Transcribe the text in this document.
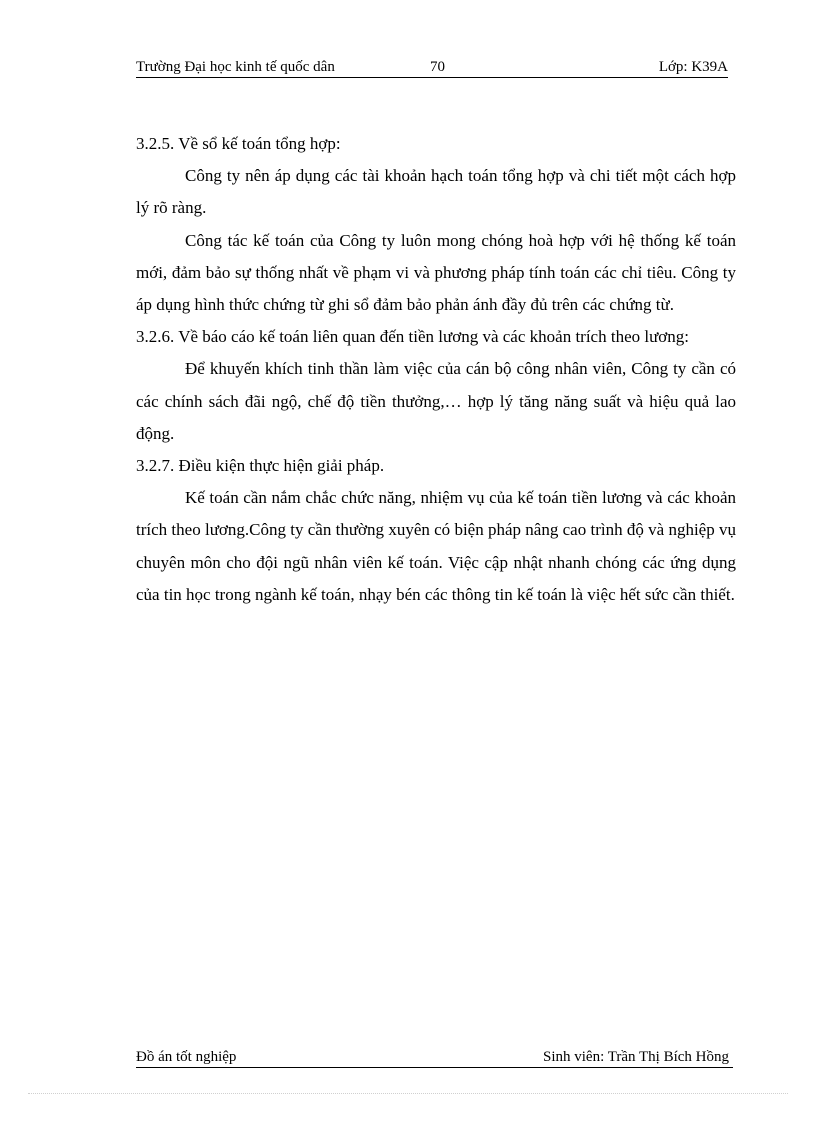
Trường Đại học kinh tế quốc dân	70	Lớp: K39A

3.2.5. Về sổ kế toán tổng hợp:

Công ty nên áp dụng các tài khoản hạch toán tổng hợp và chi tiết một cách hợp lý rõ ràng.

Công tác kế toán của Công ty luôn mong chóng hoà hợp với hệ thống kế toán mới, đảm bảo sự thống nhất về phạm vi và phương pháp tính toán các chỉ tiêu. Công ty áp dụng hình thức chứng từ ghi sổ đảm bảo phản ánh đầy đủ trên các chứng từ.

3.2.6. Về báo cáo kế toán liên quan đến tiền lương và các khoản trích theo lương:

Để khuyến khích tinh thần làm việc của cán bộ công nhân viên, Công ty cần có các chính sách đãi ngộ, chế độ tiền thưởng,… hợp lý tăng năng suất và hiệu quả lao động.

3.2.7. Điều kiện thực hiện giải pháp.

Kế toán cần nắm chắc chức năng, nhiệm vụ của kế toán tiền lương và các khoản trích theo lương.Công ty cần thường xuyên có biện pháp nâng cao trình độ và nghiệp vụ chuyên môn cho đội ngũ nhân viên kế toán. Việc cập nhật nhanh chóng các ứng dụng của tin học trong ngành kế toán, nhạy bén các thông tin kế toán là việc hết sức cần thiết.

Đồ án tốt nghiệp	Sinh viên: Trần Thị Bích Hồng
